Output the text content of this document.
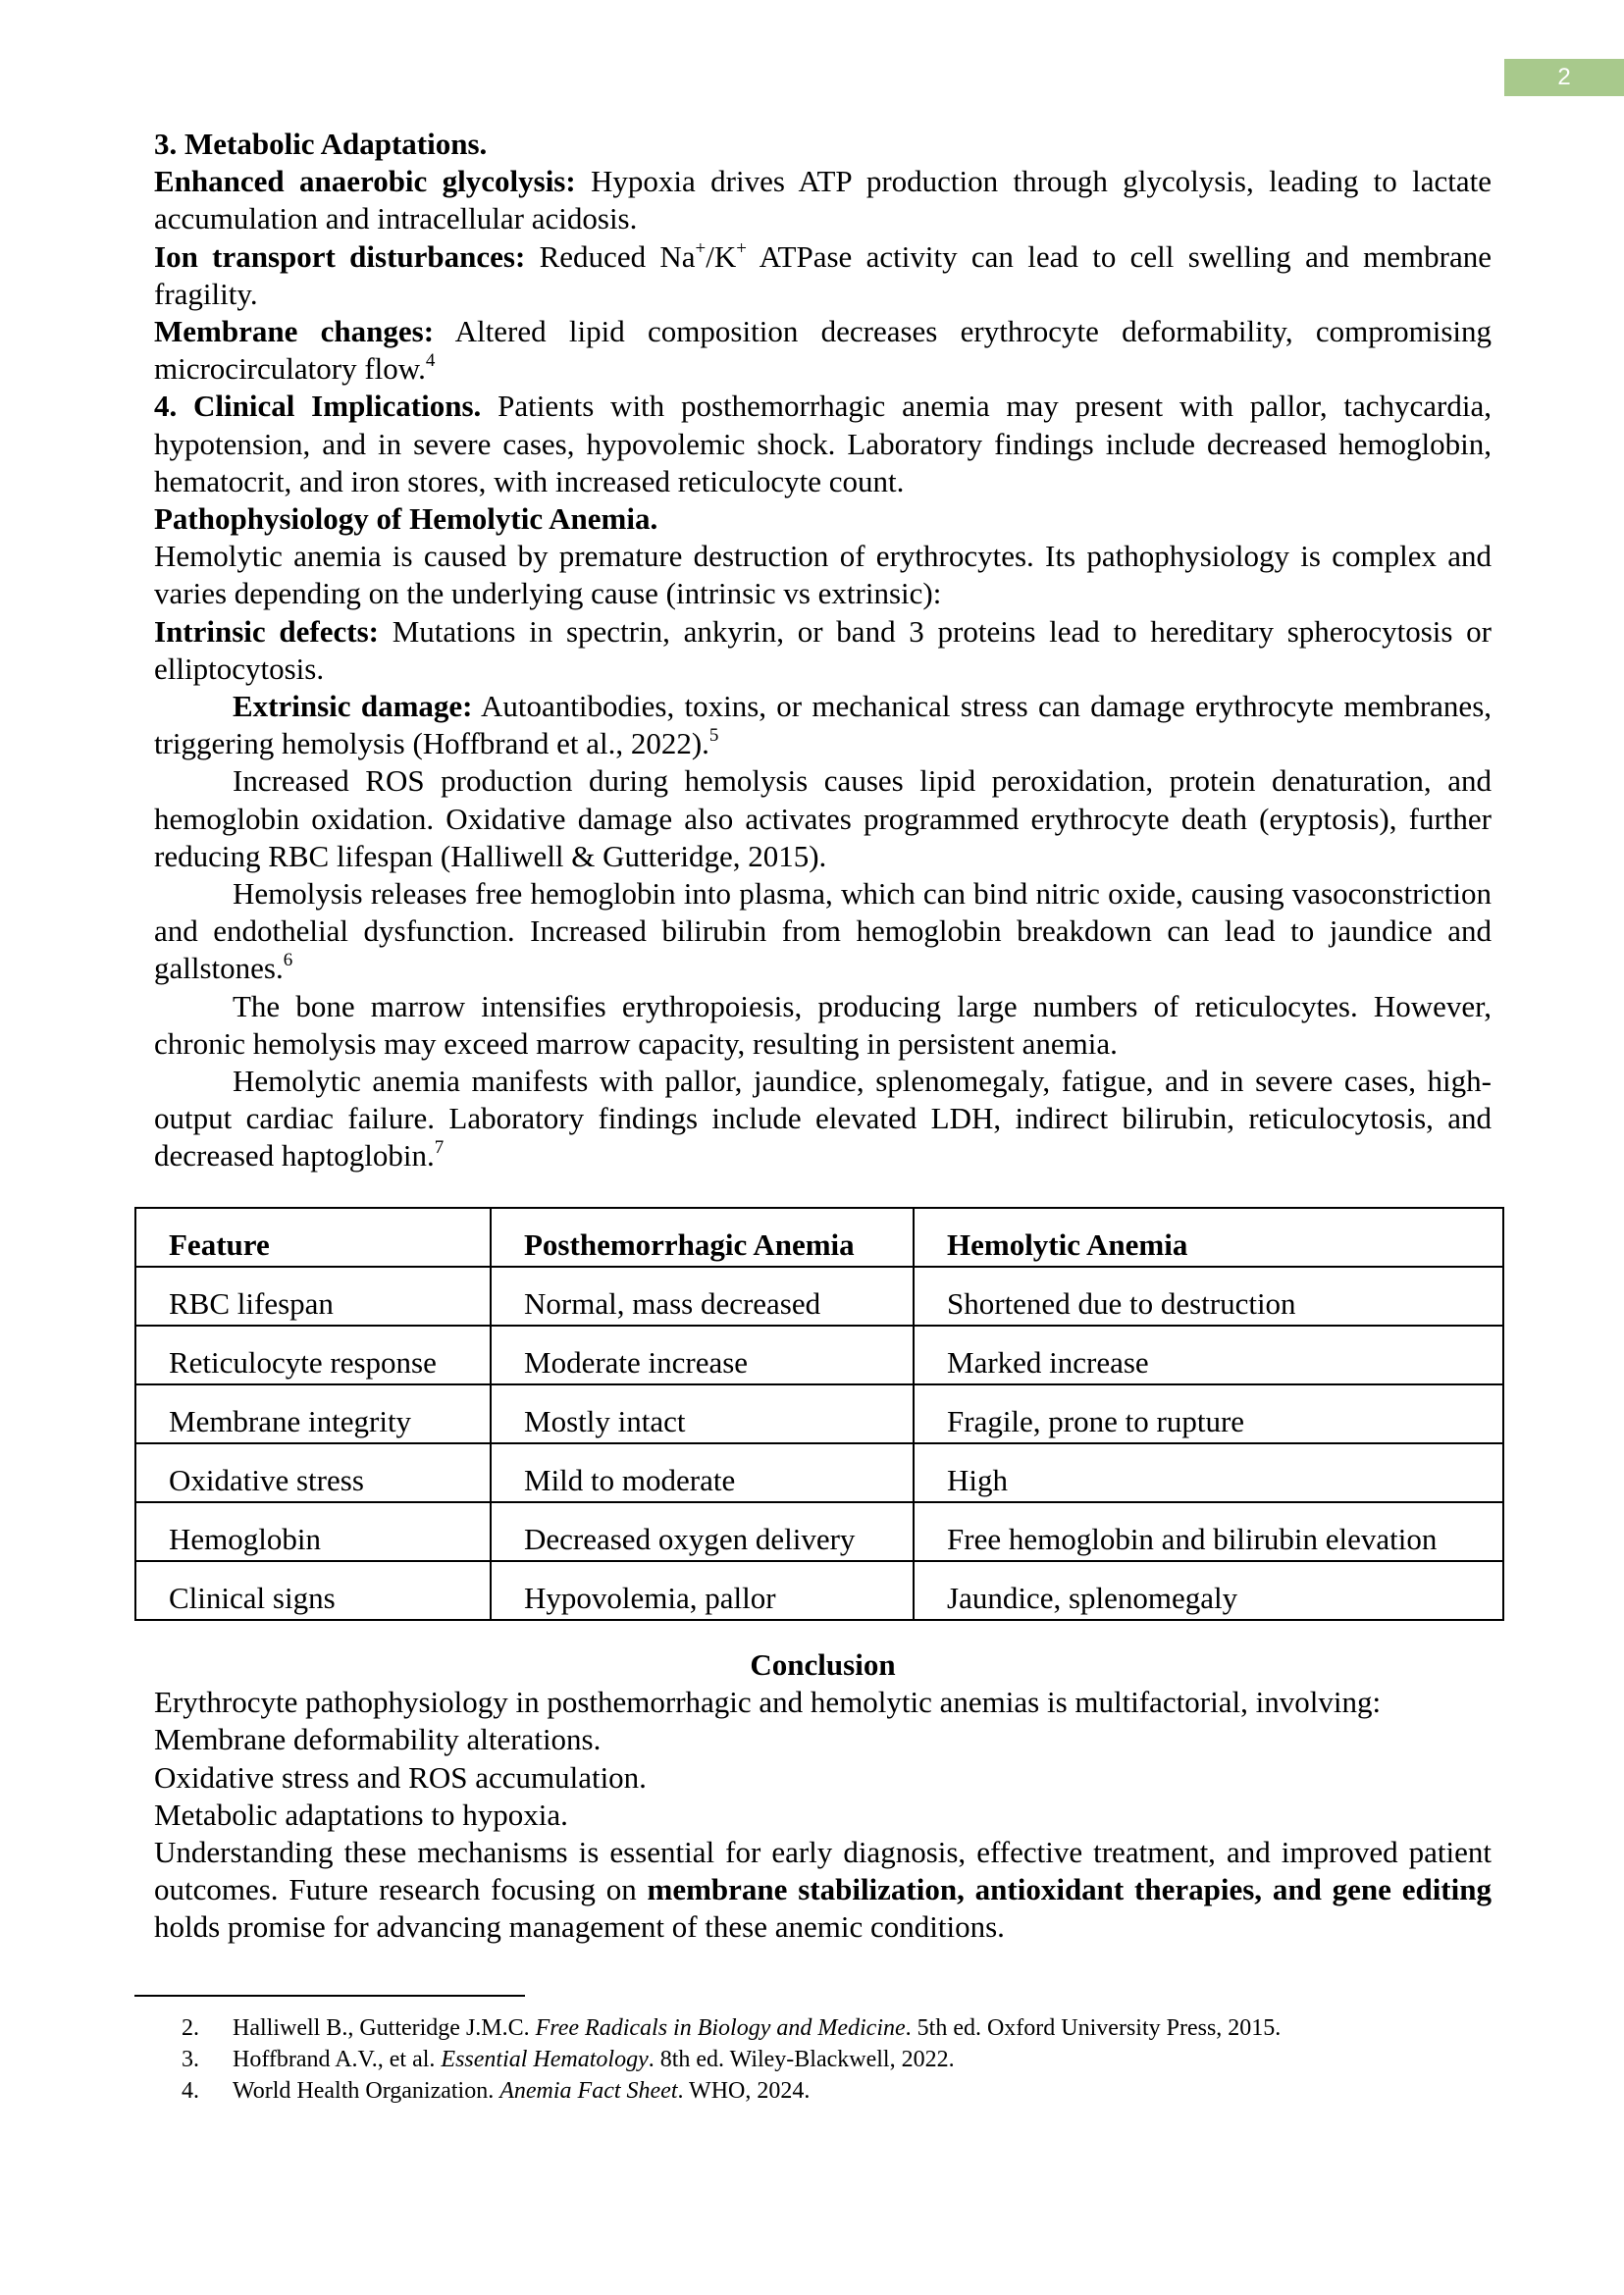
2

3. Metabolic Adaptations.

Enhanced anaerobic glycolysis: Hypoxia drives ATP production through glycolysis, leading to lactate accumulation and intracellular acidosis.

Ion transport disturbances: Reduced Na+/K+ ATPase activity can lead to cell swelling and membrane fragility.

Membrane changes: Altered lipid composition decreases erythrocyte deformability, compromising microcirculatory flow.$^4$

4. Clinical Implications. Patients with posthemorrhagic anemia may present with pallor, tachycardia, hypotension, and in severe cases, hypovolemic shock. Laboratory findings include decreased hemoglobin, hematocrit, and iron stores, with increased reticulocyte count.

Pathophysiology of Hemolytic Anemia.

Hemolytic anemia is caused by premature destruction of erythrocytes. Its pathophysiology is complex and varies depending on the underlying cause (intrinsic vs extrinsic):

Intrinsic defects: Mutations in spectrin, ankyrin, or band 3 proteins lead to hereditary spherocytosis or elliptocytosis.

Extrinsic damage: Autoantibodies, toxins, or mechanical stress can damage erythrocyte membranes, triggering hemolysis (Hoffbrand et al., 2022).$^5$

Increased ROS production during hemolysis causes lipid peroxidation, protein denaturation, and hemoglobin oxidation. Oxidative damage also activates programmed erythrocyte death (eryptosis), further reducing RBC lifespan (Halliwell & Gutteridge, 2015).

Hemolysis releases free hemoglobin into plasma, which can bind nitric oxide, causing vasoconstriction and endothelial dysfunction. Increased bilirubin from hemoglobin breakdown can lead to jaundice and gallstones.$^6$

The bone marrow intensifies erythropoiesis, producing large numbers of reticulocytes. However, chronic hemolysis may exceed marrow capacity, resulting in persistent anemia.

Hemolytic anemia manifests with pallor, jaundice, splenomegaly, fatigue, and in severe cases, high-output cardiac failure. Laboratory findings include elevated LDH, indirect bilirubin, reticulocytosis, and decreased haptoglobin.$^7$

Feature	Posthemorrhagic Anemia	Hemolytic Anemia
RBC lifespan	Normal, mass decreased	Shortened due to destruction
Reticulocyte response	Moderate increase	Marked increase
Membrane integrity	Mostly intact	Fragile, prone to rupture
Oxidative stress	Mild to moderate	High
Hemoglobin	Decreased oxygen delivery	Free hemoglobin and bilirubin elevation
Clinical signs	Hypovolemia, pallor	Jaundice, splenomegaly

Conclusion

Erythrocyte pathophysiology in posthemorrhagic and hemolytic anemias is multifactorial, involving:

Membrane deformability alterations.

Oxidative stress and ROS accumulation.

Metabolic adaptations to hypoxia.

Understanding these mechanisms is essential for early diagnosis, effective treatment, and improved patient outcomes. Future research focusing on membrane stabilization, antioxidant therapies, and gene editing holds promise for advancing management of these anemic conditions.

2.	Halliwell B., Gutteridge J.M.C. Free Radicals in Biology and Medicine. 5th ed. Oxford University Press, 2015.
3.	Hoffbrand A.V., et al. Essential Hematology. 8th ed. Wiley-Blackwell, 2022.
4.	World Health Organization. Anemia Fact Sheet. WHO, 2024.
